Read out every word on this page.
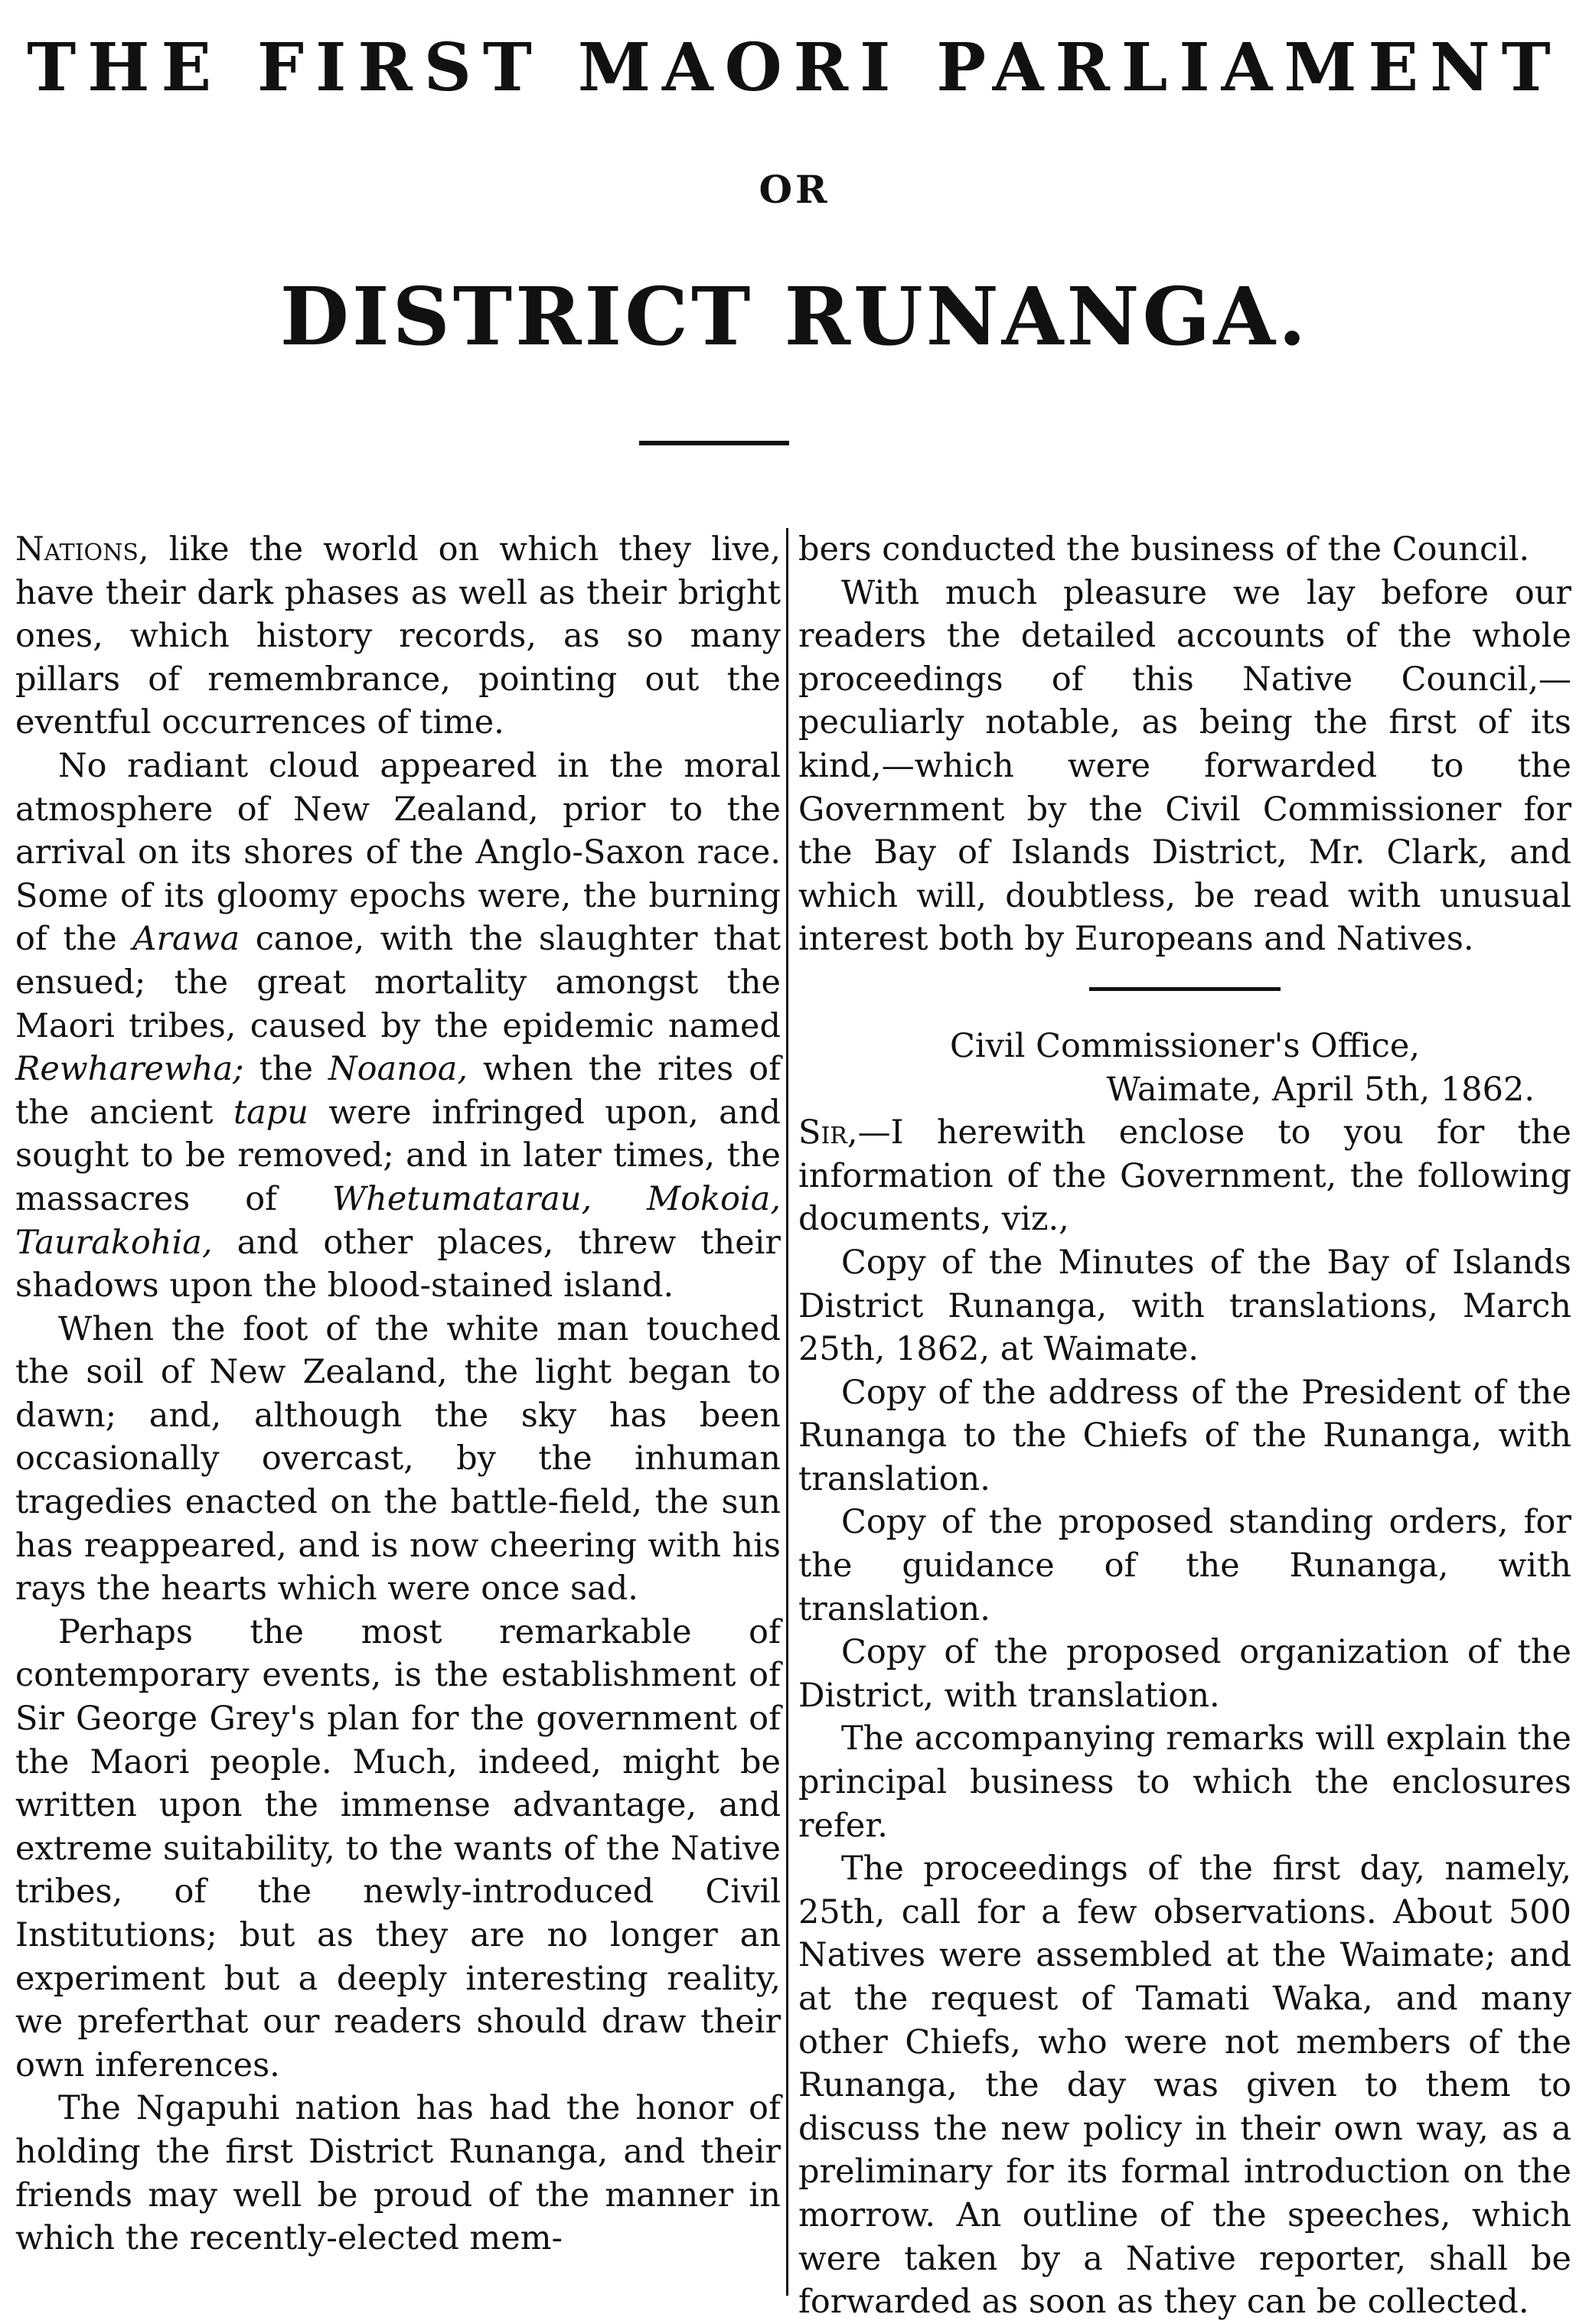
THE FIRST MAORI PARLIAMENT
OR
DISTRICT RUNANGA.

Nations, like the world on which they live, have their dark phases as well as their bright ones, which history records, as so many pillars of remembrance, pointing out the eventful occurrences of time.

No radiant cloud appeared in the moral atmosphere of New Zealand, prior to the arrival on its shores of the Anglo-Saxon race. Some of its gloomy epochs were, the burning of the Arawa canoe, with the slaughter that ensued; the great mortality amongst the Maori tribes, caused by the epidemic named Rewharewha; the Noanoa, when the rites of the ancient tapu were infringed upon, and sought to be removed; and in later times, the massacres of Whetumatarau, Mokoia, Taurakohia, and other places, threw their shadows upon the blood-stained island.

When the foot of the white man touched the soil of New Zealand, the light began to dawn; and, although the sky has been occasionally overcast, by the inhuman tragedies enacted on the battle-field, the sun has reappeared, and is now cheering with his rays the hearts which were once sad.

Perhaps the most remarkable of contemporary events, is the establishment of Sir George Grey's plan for the government of the Maori people. Much, indeed, might be written upon the immense advantage, and extreme suitability, to the wants of the Native tribes, of the newly-introduced Civil Institutions; but as they are no longer an experiment but a deeply interesting reality, we preferthat our readers should draw their own inferences.

The Ngapuhi nation has had the honor of holding the first District Runanga, and their friends may well be proud of the manner in which the recently-elected mem-

bers conducted the business of the Council.

With much pleasure we lay before our readers the detailed accounts of the whole proceedings of this Native Council,—peculiarly notable, as being the first of its kind,—which were forwarded to the Government by the Civil Commissioner for the Bay of Islands District, Mr. Clark, and which will, doubtless, be read with unusual interest both by Europeans and Natives.

Civil Commissioner's Office,

Waimate, April 5th, 1862.

Sir,—I herewith enclose to you for the information of the Government, the following documents, viz.,

Copy of the Minutes of the Bay of Islands District Runanga, with translations, March 25th, 1862, at Waimate.

Copy of the address of the President of the Runanga to the Chiefs of the Runanga, with translation.

Copy of the proposed standing orders, for the guidance of the Runanga, with translation.

Copy of the proposed organization of the District, with translation.

The accompanying remarks will explain the principal business to which the enclosures refer.

The proceedings of the first day, namely, 25th, call for a few observations. About 500 Natives were assembled at the Waimate; and at the request of Tamati Waka, and many other Chiefs, who were not members of the Runanga, the day was given to them to discuss the new policy in their own way, as a preliminary for its formal introduction on the morrow. An outline of the speeches, which were taken by a Native reporter, shall be forwarded as soon as they can be collected.
